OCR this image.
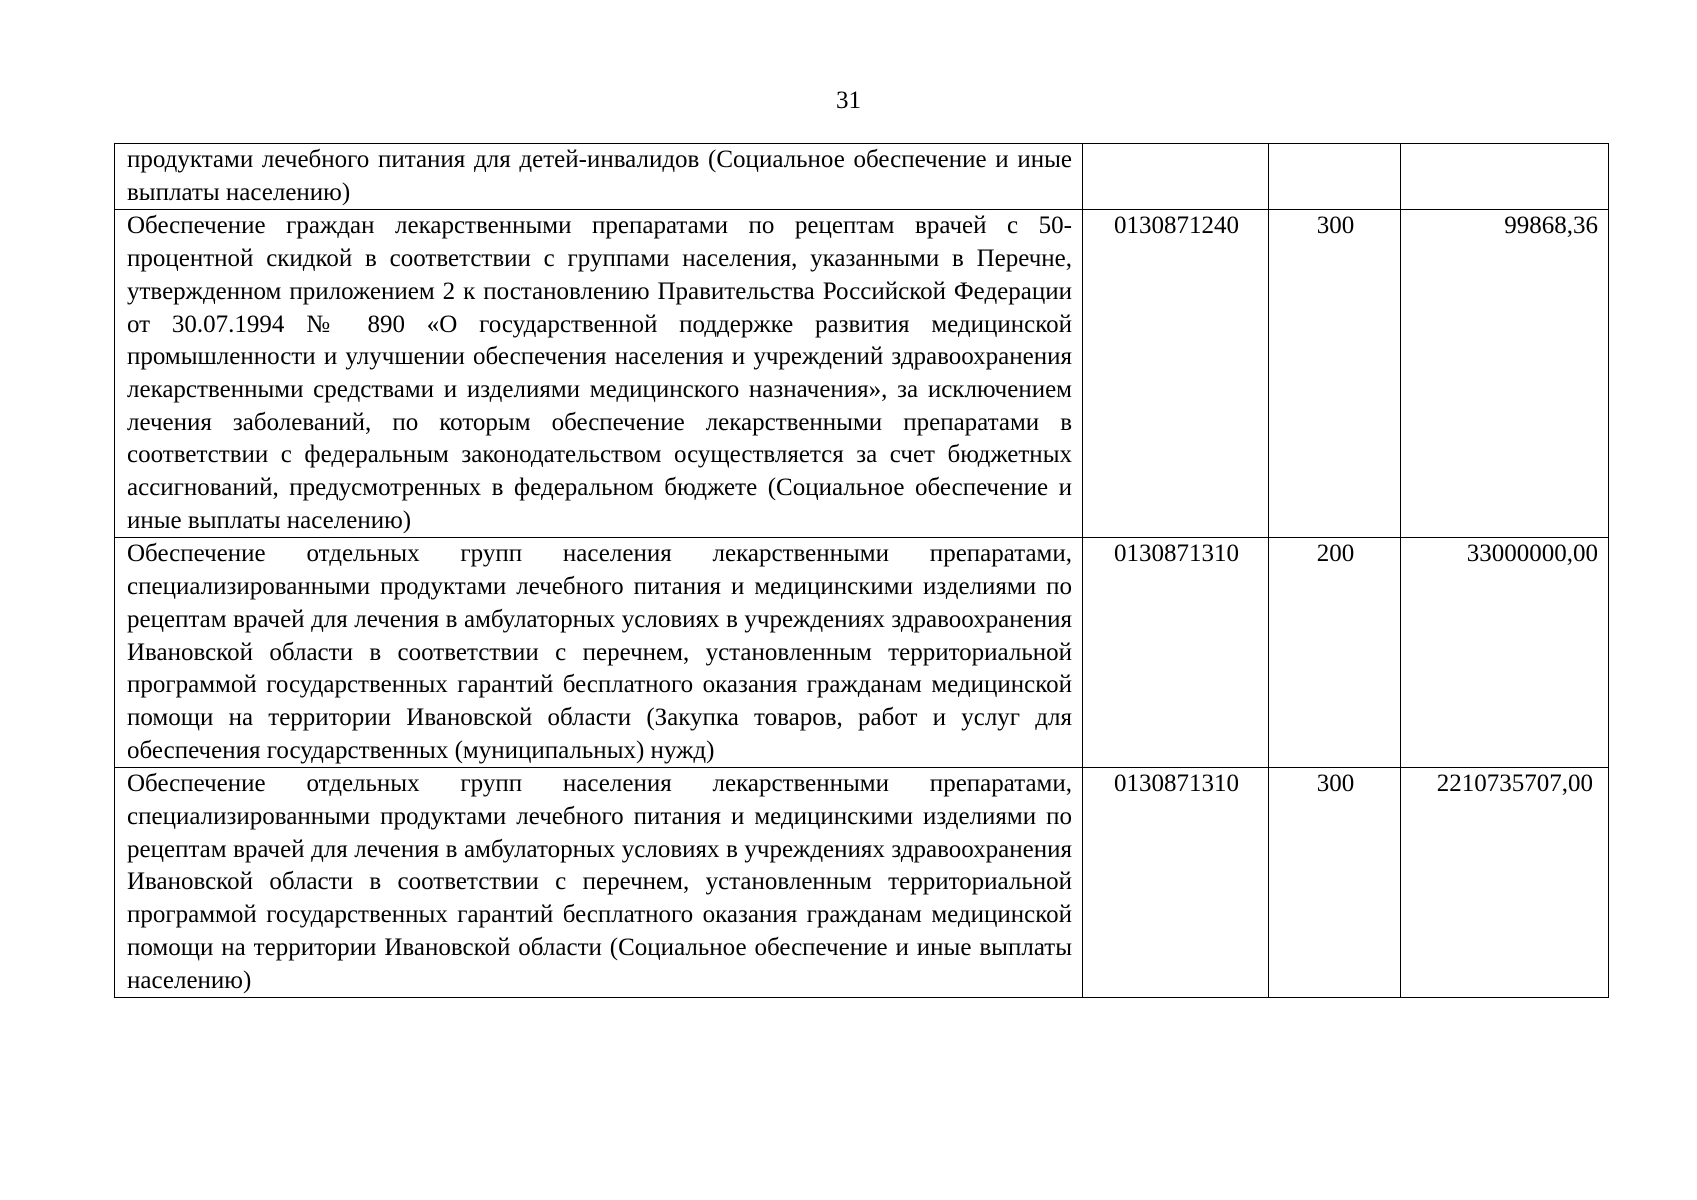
31
продуктами лечебного питания для детей-инвалидов (Социальное обеспечение и иные выплаты населению)			
Обеспечение граждан лекарственными препаратами по рецептам врачей с 50-процентной скидкой в соответствии с группами населения, указанными в Перечне, утвержденном приложением 2 к постановлению Правительства Российской Федерации от 30.07.1994 № 890 «О государственной поддержке развития медицинской промышленности и улучшении обеспечения населения и учреждений здравоохранения лекарственными средствами и изделиями медицинского назначения», за исключением лечения заболеваний, по которым обеспечение лекарственными препаратами в соответствии с федеральным законодательством осуществляется за счет бюджетных ассигнований, предусмотренных в федеральном бюджете (Социальное обеспечение и иные выплаты населению)	0130871240	300	99868,36
Обеспечение отдельных групп населения лекарственными препаратами, специализированными продуктами лечебного питания и медицинскими изделиями по рецептам врачей для лечения в амбулаторных условиях в учреждениях здравоохранения Ивановской области в соответствии с перечнем, установленным территориальной программой государственных гарантий бесплатного оказания гражданам медицинской помощи на территории Ивановской области (Закупка товаров, работ и услуг для обеспечения государственных (муниципальных) нужд)	0130871310	200	33000000,00
Обеспечение отдельных групп населения лекарственными препаратами, специализированными продуктами лечебного питания и медицинскими изделиями по рецептам врачей для лечения в амбулаторных условиях в учреждениях здравоохранения Ивановской области в соответствии с перечнем, установленным территориальной программой государственных гарантий бесплатного оказания гражданам медицинской помощи на территории Ивановской области (Социальное обеспечение и иные выплаты населению)	0130871310	300	2210735707,00
